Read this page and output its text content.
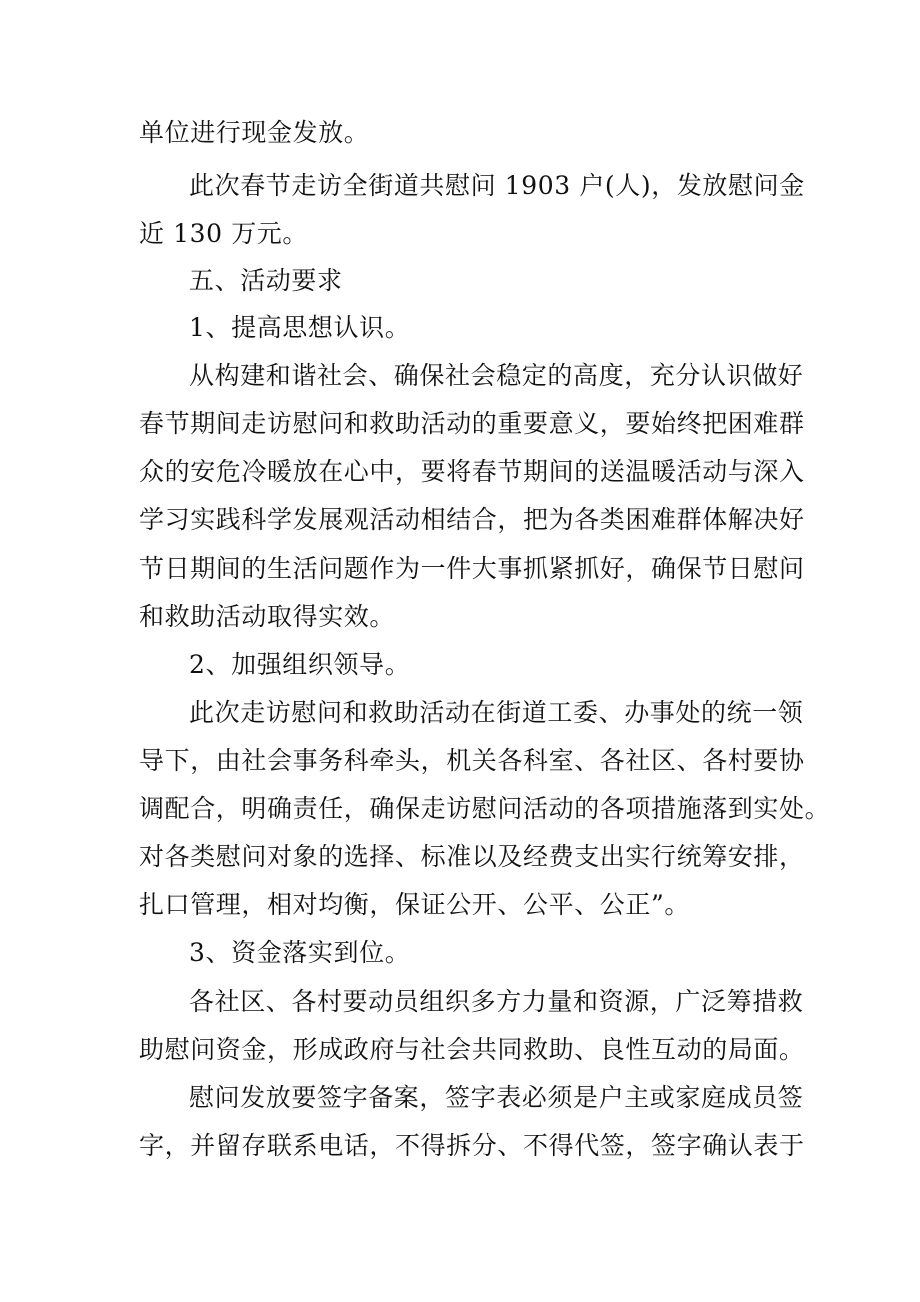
单位进行现金发放。
此次春节走访全街道共慰问 1903 户(人)，发放慰问金
近 130 万元。
五、活动要求
1、提高思想认识。
从构建和谐社会、确保社会稳定的高度，充分认识做好
春节期间走访慰问和救助活动的重要意义，要始终把困难群
众的安危冷暖放在心中，要将春节期间的送温暖活动与深入
学习实践科学发展观活动相结合，把为各类困难群体解决好
节日期间的生活问题作为一件大事抓紧抓好，确保节日慰问
和救助活动取得实效。
2、加强组织领导。
此次走访慰问和救助活动在街道工委、办事处的统一领
导下，由社会事务科牵头，机关各科室、各社区、各村要协
调配合，明确责任，确保走访慰问活动的各项措施落到实处。
对各类慰问对象的选择、标准以及经费支出实行统筹安排，
扎口管理，相对均衡，保证公开、公平、公正”。
3、资金落实到位。
各社区、各村要动员组织多方力量和资源，广泛筹措救
助慰问资金，形成政府与社会共同救助、良性互动的局面。
慰问发放要签字备案，签字表必须是户主或家庭成员签
字，并留存联系电话，不得拆分、不得代签，签字确认表于
